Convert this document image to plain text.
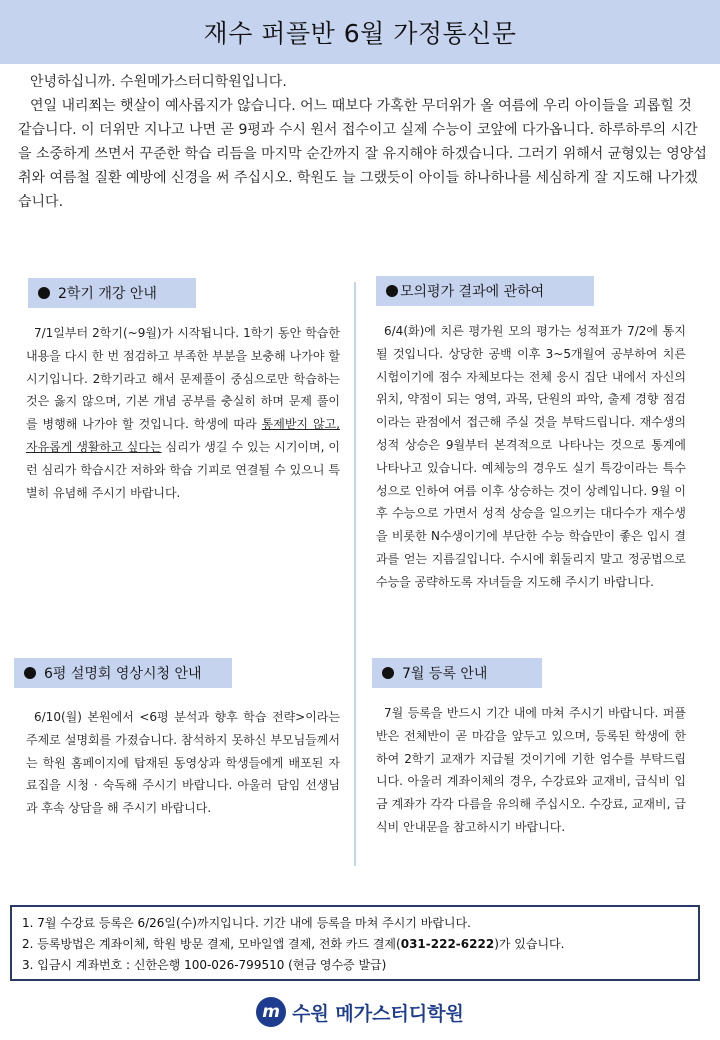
재수 퍼플반 6월 가정통신문

안녕하십니까. 수원메가스터디학원입니다.

연일 내리쬐는 햇살이 예사롭지가 않습니다. 어느 때보다 가혹한 무더위가 올 여름에 우리 아이들을 괴롭힐 것 같습니다. 이 더위만 지나고 나면 곧 9평과 수시 원서 접수이고 실제 수능이 코앞에 다가옵니다. 하루하루의 시간을 소중하게 쓰면서 꾸준한 학습 리듬을 마지막 순간까지 잘 유지해야 하겠습니다. 그러기 위해서 균형있는 영양섭취와 여름철 질환 예방에 신경을 써 주십시오. 학원도 늘 그랬듯이 아이들 하나하나를 세심하게 잘 지도해 나가겠습니다.

2학기 개강 안내

7/1일부터 2학기(~9월)가 시작됩니다. 1학기 동안 학습한 내용을 다시 한 번 점검하고 부족한 부분을 보충해 나가야 할 시기입니다. 2학기라고 해서 문제풀이 중심으로만 학습하는 것은 옳지 않으며, 기본 개념 공부를 충실히 하며 문제 풀이를 병행해 나가야 할 것입니다. 학생에 따라 통제받지 않고, 자유롭게 생활하고 싶다는 심리가 생길 수 있는 시기이며, 이런 심리가 학습시간 저하와 학습 기피로 연결될 수 있으니 특별히 유념해 주시기 바랍니다.

모의평가 결과에 관하여

6/4(화)에 치른 평가원 모의 평가는 성적표가 7/2에 통지될 것입니다. 상당한 공백 이후 3~5개월여 공부하여 치른 시험이기에 점수 자체보다는 전체 응시 집단 내에서 자신의 위치, 약점이 되는 영역, 과목, 단원의 파악, 출제 경향 점검이라는 관점에서 접근해 주실 것을 부탁드립니다. 재수생의 성적 상승은 9월부터 본격적으로 나타나는 것으로 통계에 나타나고 있습니다. 예체능의 경우도 실기 특강이라는 특수성으로 인하여 여름 이후 상승하는 것이 상례입니다. 9월 이후 수능으로 가면서 성적 상승을 일으키는 대다수가 재수생을 비롯한 N수생이기에 부단한 수능 학습만이 좋은 입시 결과를 얻는 지름길입니다. 수시에 휘둘리지 말고 정공법으로 수능을 공략하도록 자녀들을 지도해 주시기 바랍니다.

6평 설명회 영상시청 안내

6/10(월) 본원에서 <6평 분석과 향후 학습 전략>이라는 주제로 설명회를 가졌습니다. 참석하지 못하신 부모님들께서는 학원 홈페이지에 탑재된 동영상과 학생들에게 배포된 자료집을 시청 · 숙독해 주시기 바랍니다. 아울러 담임 선생님과 후속 상담을 해 주시기 바랍니다.

7월 등록 안내

7월 등록을 반드시 기간 내에 마쳐 주시기 바랍니다. 퍼플반은 전체반이 곧 마감을 앞두고 있으며, 등록된 학생에 한하여 2학기 교재가 지급될 것이기에 기한 엄수를 부탁드립니다. 아울러 계좌이체의 경우, 수강료와 교재비, 급식비 입금 계좌가 각각 다름을 유의해 주십시오. 수강료, 교재비, 급식비 안내문을 참고하시기 바랍니다.

1. 7월 수강료 등록은 6/26일(수)까지입니다. 기간 내에 등록을 마쳐 주시기 바랍니다.
2. 등록방법은 계좌이체, 학원 방문 결제, 모바일앱 결제, 전화 카드 결제(031-222-6222)가 있습니다.
3. 입금시 계좌번호 : 신한은행 100-026-799510 (현금 영수증 발급)
m 수원 메가스터디학원
